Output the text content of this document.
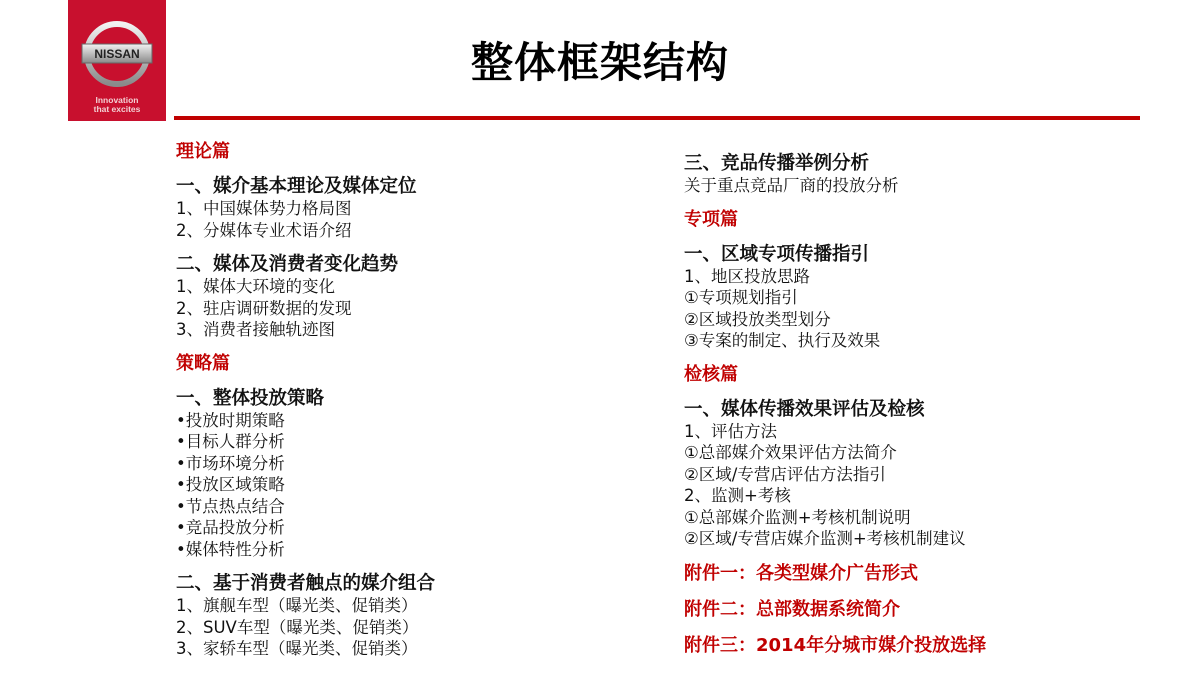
NISSAN
Innovation
that excites
整体框架结构
理论篇
一、媒介基本理论及媒体定位
1、中国媒体势力格局图
2、分媒体专业术语介绍
二、媒体及消费者变化趋势
1、媒体大环境的变化
2、驻店调研数据的发现
3、消费者接触轨迹图
策略篇
一、整体投放策略
•投放时期策略
•目标人群分析
•市场环境分析
•投放区域策略
•节点热点结合
•竞品投放分析
•媒体特性分析
二、基于消费者触点的媒介组合
1、旗舰车型（曝光类、促销类）
2、SUV车型（曝光类、促销类）
3、家轿车型（曝光类、促销类）
三、竞品传播举例分析
关于重点竞品厂商的投放分析
专项篇
一、区域专项传播指引
1、地区投放思路
①专项规划指引
②区域投放类型划分
③专案的制定、执行及效果
检核篇
一、媒体传播效果评估及检核
1、评估方法
①总部媒介效果评估方法简介
②区域/专营店评估方法指引
2、监测+考核
①总部媒介监测+考核机制说明
②区域/专营店媒介监测+考核机制建议
附件一：各类型媒介广告形式
附件二：总部数据系统简介
附件三：2014年分城市媒介投放选择
